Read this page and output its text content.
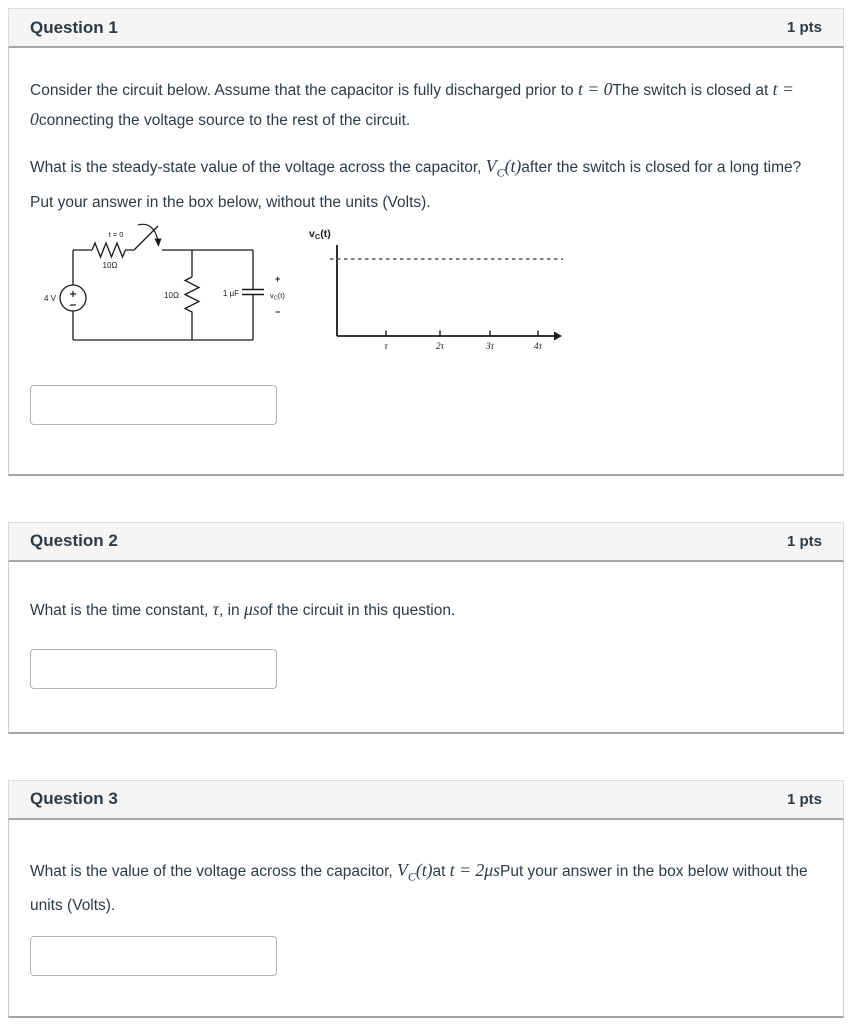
Question 1	1 pts

Consider the circuit below. Assume that the capacitor is fully discharged prior to t = 0The switch is closed at t = 0connecting the voltage source to the rest of the circuit.

What is the steady-state value of the voltage across the capacitor, $V_C(t)after$ the switch is closed for a long time? Put your answer in the box below, without the units (Volts).

4 V
t = 0
10Ω
10Ω	1 μF
+
−
$v_C(t)$
vC(t)
τ	2τ	3τ	4τ
Question 2	1 pts

What is the time constant, τ, in μsof the circuit in this question.

Question 3	1 pts

What is the value of the voltage across the capacitor, $V_C(t)at$ t = 2μsPut your answer in the box below without the units (Volts).
